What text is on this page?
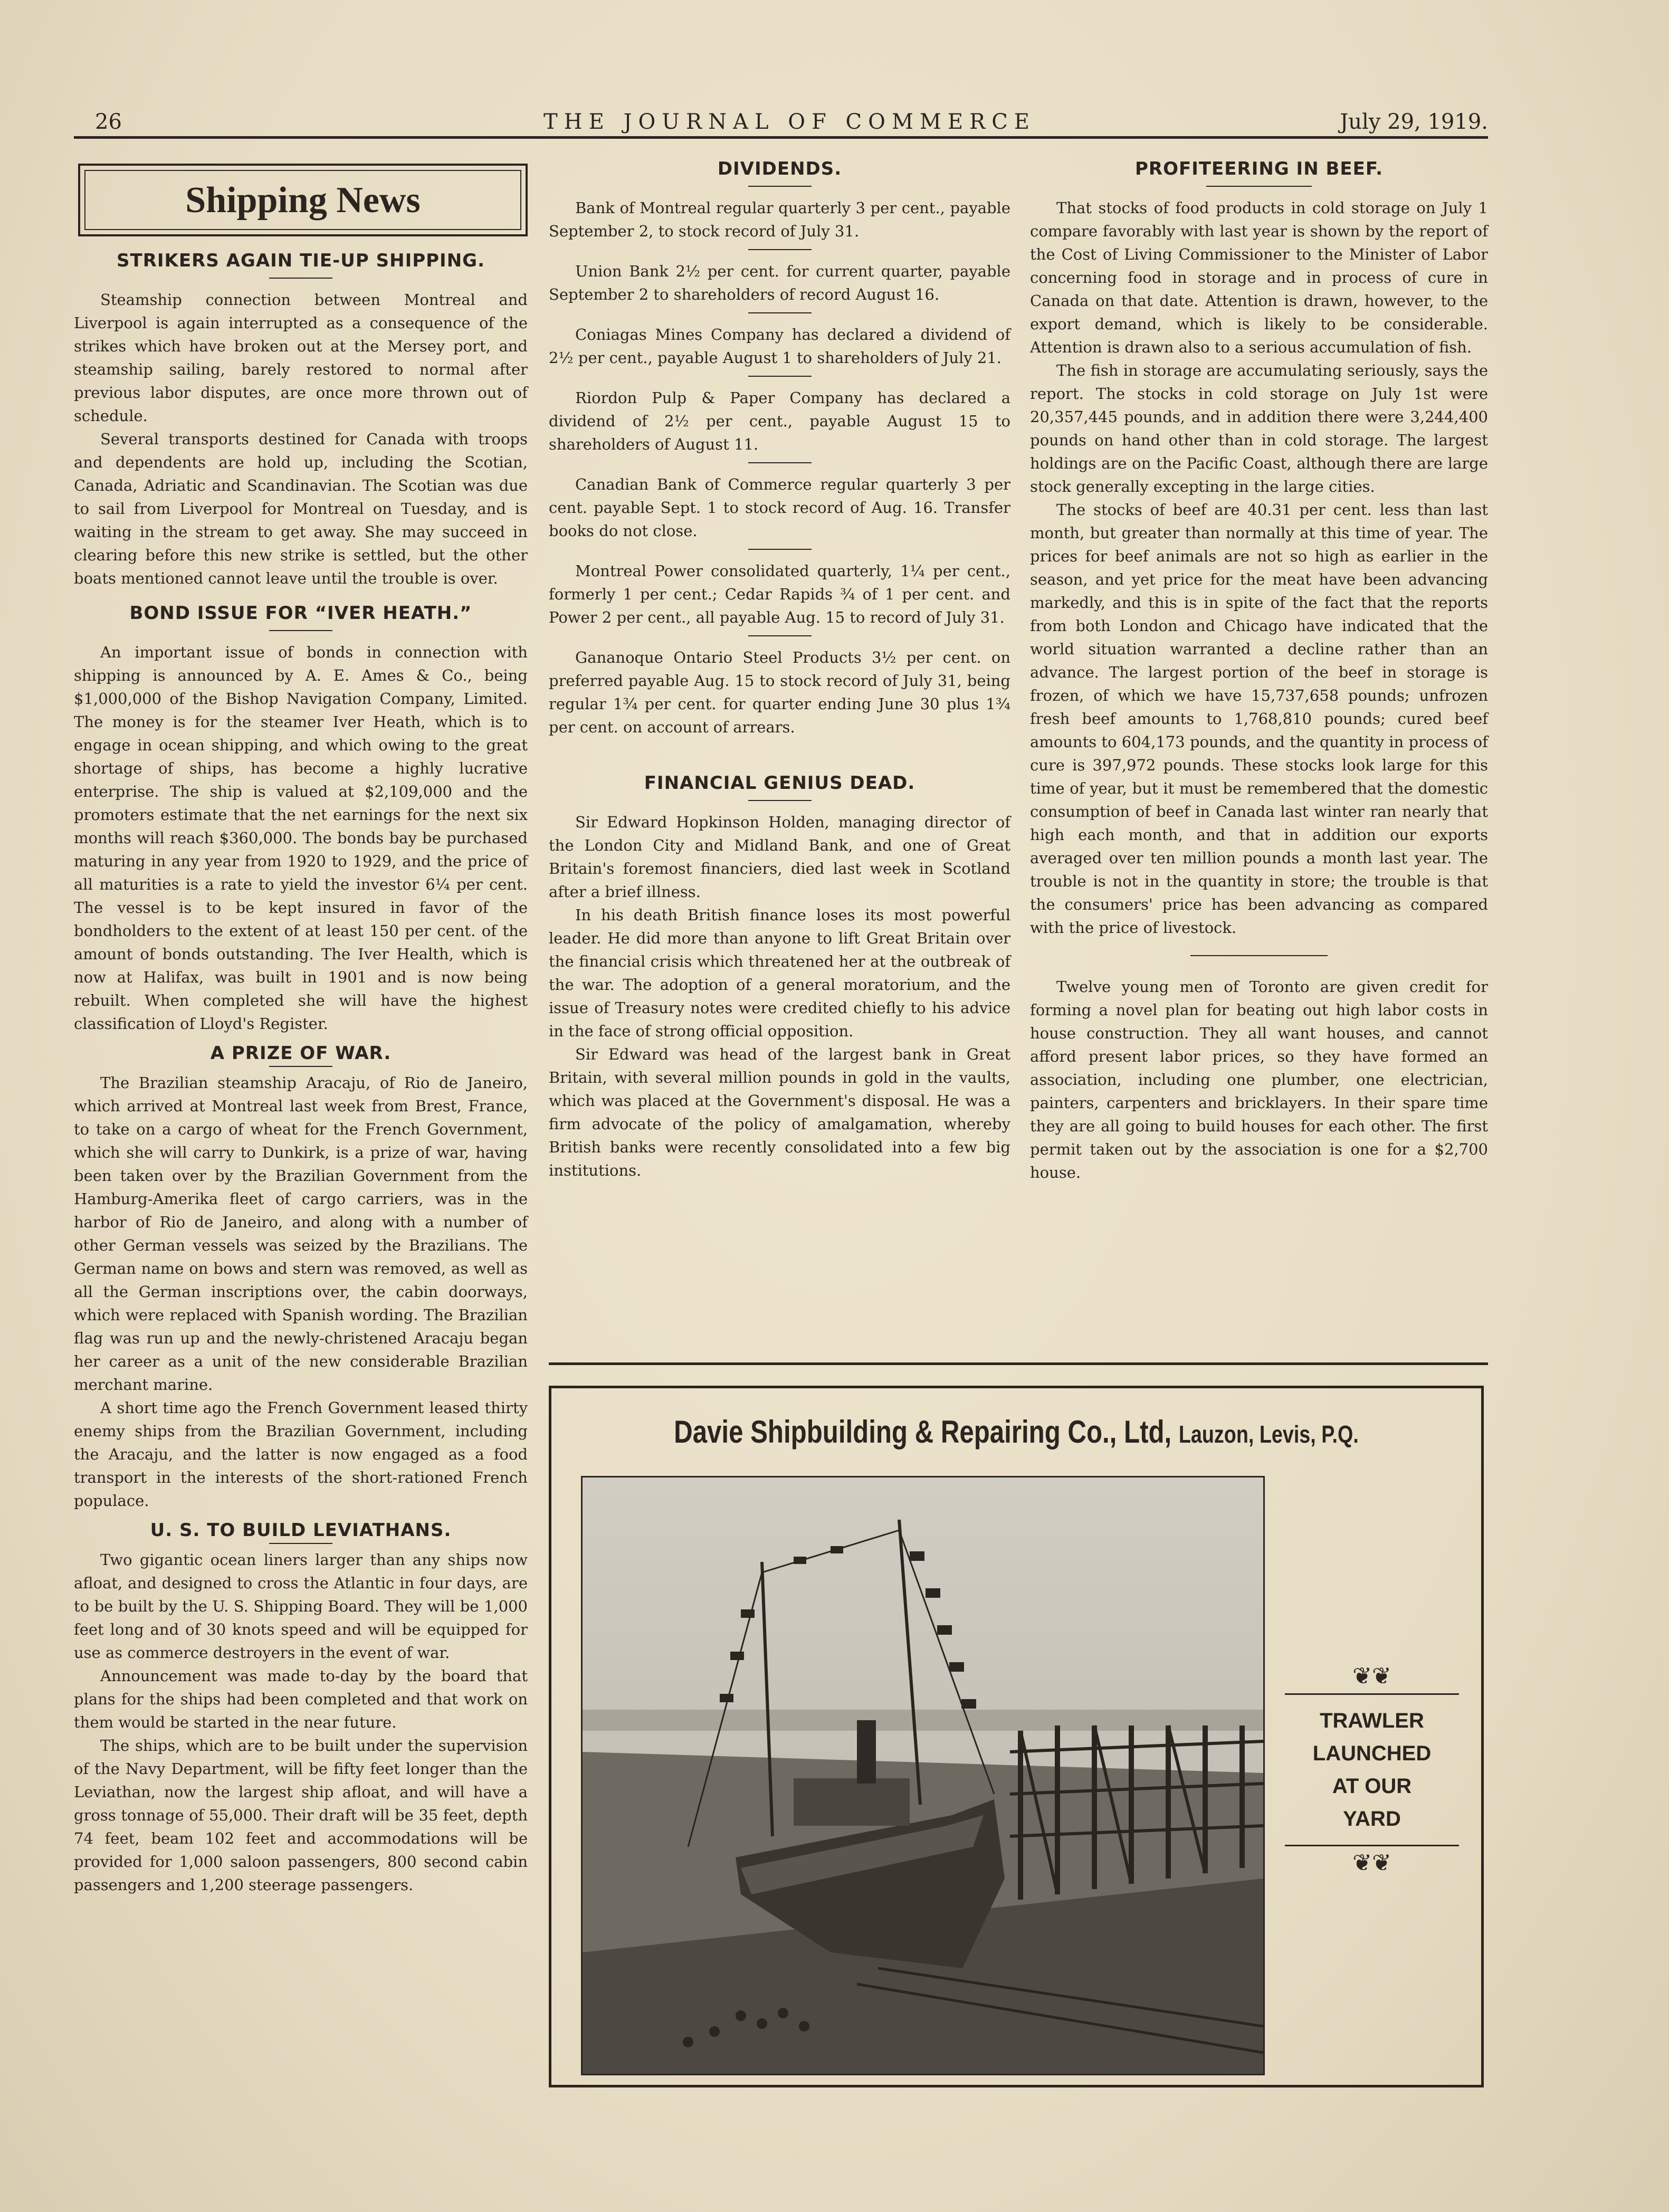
26	THE JOURNAL OF COMMERCE	July 29, 1919.
Shipping News
STRIKERS AGAIN TIE-UP SHIPPING.

Steamship connection between Montreal and Liverpool is again interrupted as a consequence of the strikes which have broken out at the Mersey port, and steamship sailing, barely restored to normal after previous labor disputes, are once more thrown out of schedule.

Several transports destined for Canada with troops and dependents are hold up, including the Scotian, Canada, Adriatic and Scandinavian. The Scotian was due to sail from Liverpool for Montreal on Tuesday, and is waiting in the stream to get away. She may succeed in clearing before this new strike is settled, but the other boats mentioned cannot leave until the trouble is over.

BOND ISSUE FOR “IVER HEATH.”

An important issue of bonds in connection with shipping is announced by A. E. Ames & Co., being $1,000,000 of the Bishop Navigation Company, Limited. The money is for the steamer Iver Heath, which is to engage in ocean shipping, and which owing to the great shortage of ships, has become a highly lucrative enterprise. The ship is valued at $2,109,000 and the promoters estimate that the net earnings for the next six months will reach $360,000. The bonds bay be purchased maturing in any year from 1920 to 1929, and the price of all maturities is a rate to yield the investor 6¼ per cent. The vessel is to be kept insured in favor of the bondholders to the extent of at least 150 per cent. of the amount of bonds outstanding. The Iver Health, which is now at Halifax, was built in 1901 and is now being rebuilt. When completed she will have the highest classification of Lloyd's Register.

A PRIZE OF WAR.

The Brazilian steamship Aracaju, of Rio de Janeiro, which arrived at Montreal last week from Brest, France, to take on a cargo of wheat for the French Government, which she will carry to Dunkirk, is a prize of war, having been taken over by the Brazilian Government from the Hamburg-Amerika fleet of cargo carriers, was in the harbor of Rio de Janeiro, and along with a number of other German vessels was seized by the Brazilians. The German name on bows and stern was removed, as well as all the German inscriptions over, the cabin doorways, which were replaced with Spanish wording. The Brazilian flag was run up and the newly-christened Aracaju began her career as a unit of the new considerable Brazilian merchant marine.

A short time ago the French Government leased thirty enemy ships from the Brazilian Government, including the Aracaju, and the latter is now engaged as a food transport in the interests of the short-rationed French populace.

U. S. TO BUILD LEVIATHANS.

Two gigantic ocean liners larger than any ships now afloat, and designed to cross the Atlantic in four days, are to be built by the U. S. Shipping Board. They will be 1,000 feet long and of 30 knots speed and will be equipped for use as commerce destroyers in the event of war.

Announcement was made to-day by the board that plans for the ships had been completed and that work on them would be started in the near future.

The ships, which are to be built under the supervision of the Navy Department, will be fifty feet longer than the Leviathan, now the largest ship afloat, and will have a gross tonnage of 55,000. Their draft will be 35 feet, depth 74 feet, beam 102 feet and accommodations will be provided for 1,000 saloon passengers, 800 second cabin passengers and 1,200 steerage passengers.

DIVIDENDS.

Bank of Montreal regular quarterly 3 per cent., payable September 2, to stock record of July 31.

Union Bank 2½ per cent. for current quarter, payable September 2 to shareholders of record August 16.

Coniagas Mines Company has declared a dividend of 2½ per cent., payable August 1 to shareholders of July 21.

Riordon Pulp & Paper Company has declared a dividend of 2½ per cent., payable August 15 to shareholders of August 11.

Canadian Bank of Commerce regular quarterly 3 per cent. payable Sept. 1 to stock record of Aug. 16. Transfer books do not close.

Montreal Power consolidated quarterly, 1¼ per cent., formerly 1 per cent.; Cedar Rapids ¾ of 1 per cent. and Power 2 per cent., all payable Aug. 15 to record of July 31.

Gananoque Ontario Steel Products 3½ per cent. on preferred payable Aug. 15 to stock record of July 31, being regular 1¾ per cent. for quarter ending June 30 plus 1¾ per cent. on account of arrears.

FINANCIAL GENIUS DEAD.

Sir Edward Hopkinson Holden, managing director of the London City and Midland Bank, and one of Great Britain's foremost financiers, died last week in Scotland after a brief illness.

In his death British finance loses its most powerful leader. He did more than anyone to lift Great Britain over the financial crisis which threatened her at the outbreak of the war. The adoption of a general moratorium, and the issue of Treasury notes were credited chiefly to his advice in the face of strong official opposition.

Sir Edward was head of the largest bank in Great Britain, with several million pounds in gold in the vaults, which was placed at the Government's disposal. He was a firm advocate of the policy of amalgamation, whereby British banks were recently consolidated into a few big institutions.

PROFITEERING IN BEEF.

That stocks of food products in cold storage on July 1 compare favorably with last year is shown by the report of the Cost of Living Commissioner to the Minister of Labor concerning food in storage and in process of cure in Canada on that date. Attention is drawn, however, to the export demand, which is likely to be considerable. Attention is drawn also to a serious accumulation of fish.

The fish in storage are accumulating seriously, says the report. The stocks in cold storage on July 1st were 20,357,445 pounds, and in addition there were 3,244,400 pounds on hand other than in cold storage. The largest holdings are on the Pacific Coast, although there are large stock generally excepting in the large cities.

The stocks of beef are 40.31 per cent. less than last month, but greater than normally at this time of year. The prices for beef animals are not so high as earlier in the season, and yet price for the meat have been advancing markedly, and this is in spite of the fact that the reports from both London and Chicago have indicated that the world situation warranted a decline rather than an advance. The largest portion of the beef in storage is frozen, of which we have 15,737,658 pounds; unfrozen fresh beef amounts to 1,768,810 pounds; cured beef amounts to 604,173 pounds, and the quantity in process of cure is 397,972 pounds. These stocks look large for this time of year, but it must be remembered that the domestic consumption of beef in Canada last winter ran nearly that high each month, and that in addition our exports averaged over ten million pounds a month last year. The trouble is not in the quantity in store; the trouble is that the consumers' price has been advancing as compared with the price of livestock.

Twelve young men of Toronto are given credit for forming a novel plan for beating out high labor costs in house construction. They all want houses, and cannot afford present labor prices, so they have formed an association, including one plumber, one electrician, painters, carpenters and bricklayers. In their spare time they are all going to build houses for each other. The first permit taken out by the association is one for a $2,700 house.

Davie Shipbuilding & Repairing Co., Ltd, Lauzon, Levis, P.Q.
❦❦
TRAWLER
LAUNCHED
AT OUR
YARD
❦❦
